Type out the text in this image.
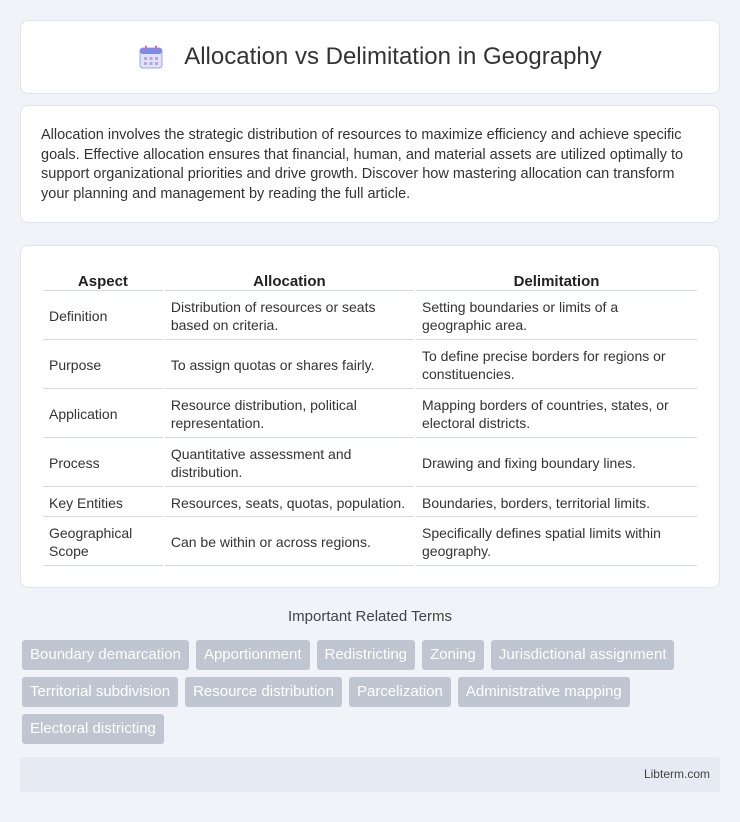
Allocation vs Delimitation in Geography

Allocation involves the strategic distribution of resources to maximize efficiency and achieve specific goals. Effective allocation ensures that financial, human, and material assets are utilized optimally to support organizational priorities and drive growth. Discover how mastering allocation can transform your planning and management by reading the full article.

Aspect	Allocation	Delimitation
Definition	Distribution of resources or seats based on criteria.	Setting boundaries or limits of a geographic area.
Purpose	To assign quotas or shares fairly.	To define precise borders for regions or constituencies.
Application	Resource distribution, political representation.	Mapping borders of countries, states, or electoral districts.
Process	Quantitative assessment and distribution.	Drawing and fixing boundary lines.
Key Entities	Resources, seats, quotas, population.	Boundaries, borders, territorial limits.
Geographical Scope	Can be within or across regions.	Specifically defines spatial limits within geography.
Important Related Terms
Boundary demarcation	Apportionment	Redistricting	Zoning	Jurisdictional assignment
Territorial subdivision	Resource distribution	Parcelization	Administrative mapping
Electoral districting
Libterm.com
